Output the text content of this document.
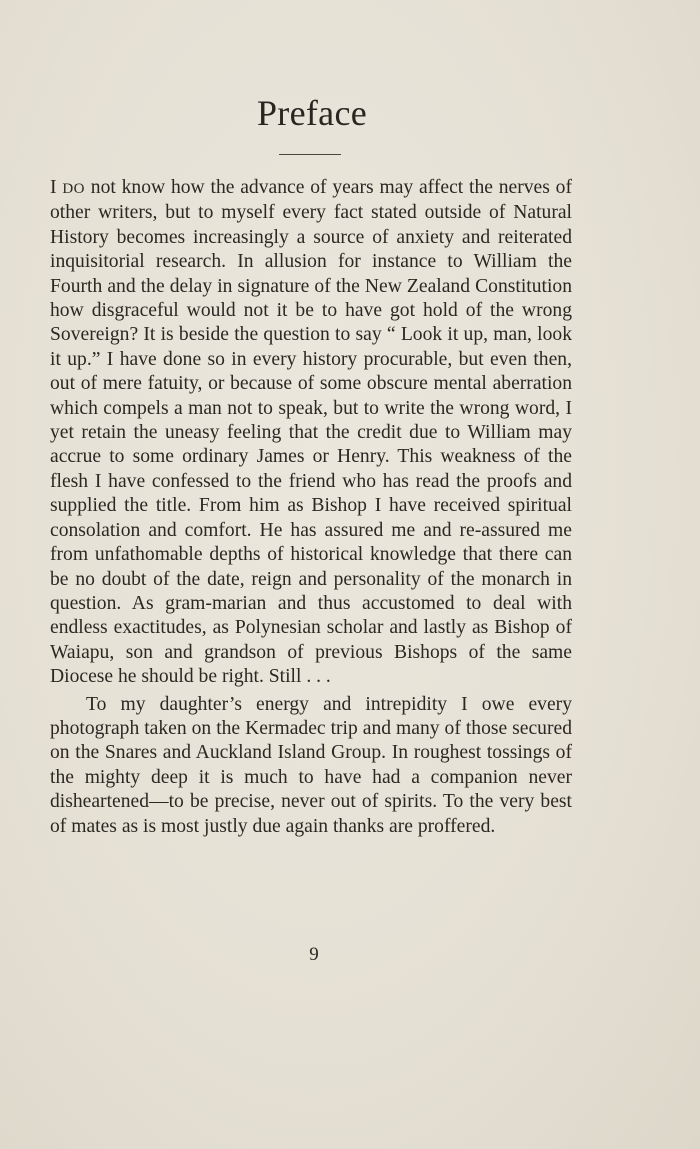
Preface

I DO not know how the advance of years may affect the nerves of other writers, but to myself every fact stated outside of Natural History becomes increasingly a source of anxiety and reiterated inquisitorial research. In allusion for instance to William the Fourth and the delay in signature of the New Zealand Constitution how disgraceful would not it be to have got hold of the wrong Sovereign? It is beside the question to say “ Look it up, man, look it up.” I have done so in every history procurable, but even then, out of mere fatuity, or because of some obscure mental aberration which compels a man not to speak, but to write the wrong word, I yet retain the uneasy feeling that the credit due to William may accrue to some ordinary James or Henry. This weakness of the flesh I have confessed to the friend who has read the proofs and supplied the title. From him as Bishop I have received spiritual consolation and comfort. He has assured me and re-assured me from unfathomable depths of historical knowledge that there can be no doubt of the date, reign and personality of the monarch in question. As gram-marian and thus accustomed to deal with endless exactitudes, as Polynesian scholar and lastly as Bishop of Waiapu, son and grandson of previous Bishops of the same Diocese he should be right. Still . . .

To my daughter’s energy and intrepidity I owe every photograph taken on the Kermadec trip and many of those secured on the Snares and Auckland Island Group. In roughest tossings of the mighty deep it is much to have had a companion never disheartened—to be precise, never out of spirits. To the very best of mates as is most justly due again thanks are proffered.

9
